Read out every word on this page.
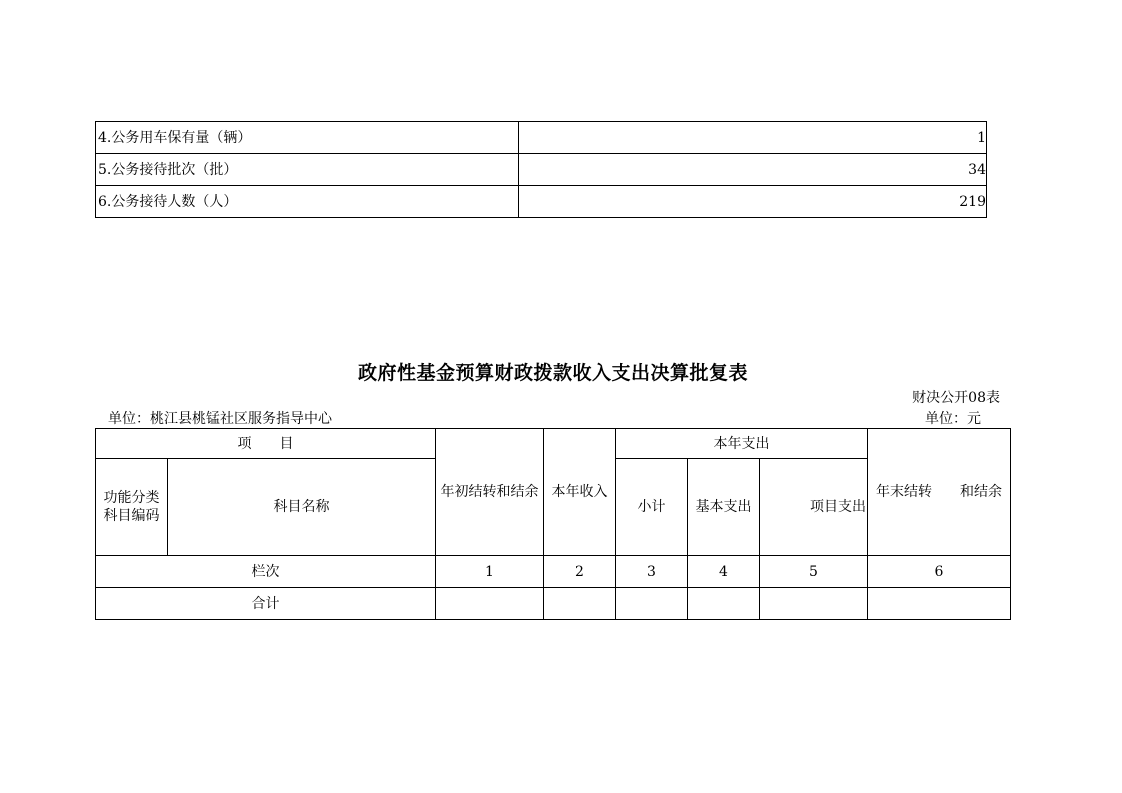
4.公务用车保有量（辆）	1
5.公务接待批次（批）	34
6.公务接待人数（人）	219
政府性基金预算财政拨款收入支出决算批复表
财决公开08表
单位：桃江县桃锰社区服务指导中心	单位：元
项　　目		年初结转和结余	本年收入	本年支出			年末结转　　和结余
功能分类科目编码	科目名称			小计	基本支出	项目支出	
栏次		1	2	3	4	5	6
合计							
